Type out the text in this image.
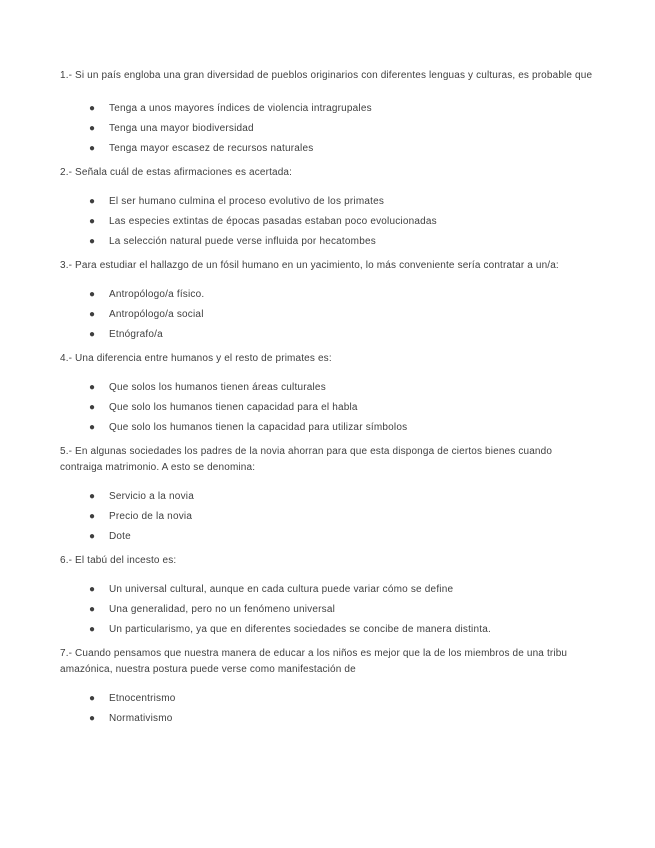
1.- Si un país engloba una gran diversidad de pueblos originarios con diferentes lenguas y culturas, es probable que

● Tenga a unos mayores índices de violencia intragrupales
● Tenga una mayor biodiversidad
● Tenga mayor escasez de recursos naturales

2.- Señala cuál de estas afirmaciones es acertada:

● El ser humano culmina el proceso evolutivo de los primates
● Las especies extintas de épocas pasadas estaban poco evolucionadas
● La selección natural puede verse influida por hecatombes

3.- Para estudiar el hallazgo de un fósil humano en un yacimiento, lo más conveniente sería contratar a un/a:

● Antropólogo/a físico.
● Antropólogo/a social
● Etnógrafo/a

4.- Una diferencia entre humanos y el resto de primates es:

● Que solos los humanos tienen áreas culturales
● Que solo los humanos tienen capacidad para el habla
● Que solo los humanos tienen la capacidad para utilizar símbolos

5.- En algunas sociedades los padres de la novia ahorran para que esta disponga de ciertos bienes cuando contraiga matrimonio. A esto se denomina:

● Servicio a la novia
● Precio de la novia
● Dote

6.- El tabú del incesto es:

● Un universal cultural, aunque en cada cultura puede variar cómo se define
● Una generalidad, pero no un fenómeno universal
● Un particularismo, ya que en diferentes sociedades se concibe de manera distinta.

7.- Cuando pensamos que nuestra manera de educar a los niños es mejor que la de los miembros de una tribu amazónica, nuestra postura puede verse como manifestación de

● Etnocentrismo
● Normativismo
